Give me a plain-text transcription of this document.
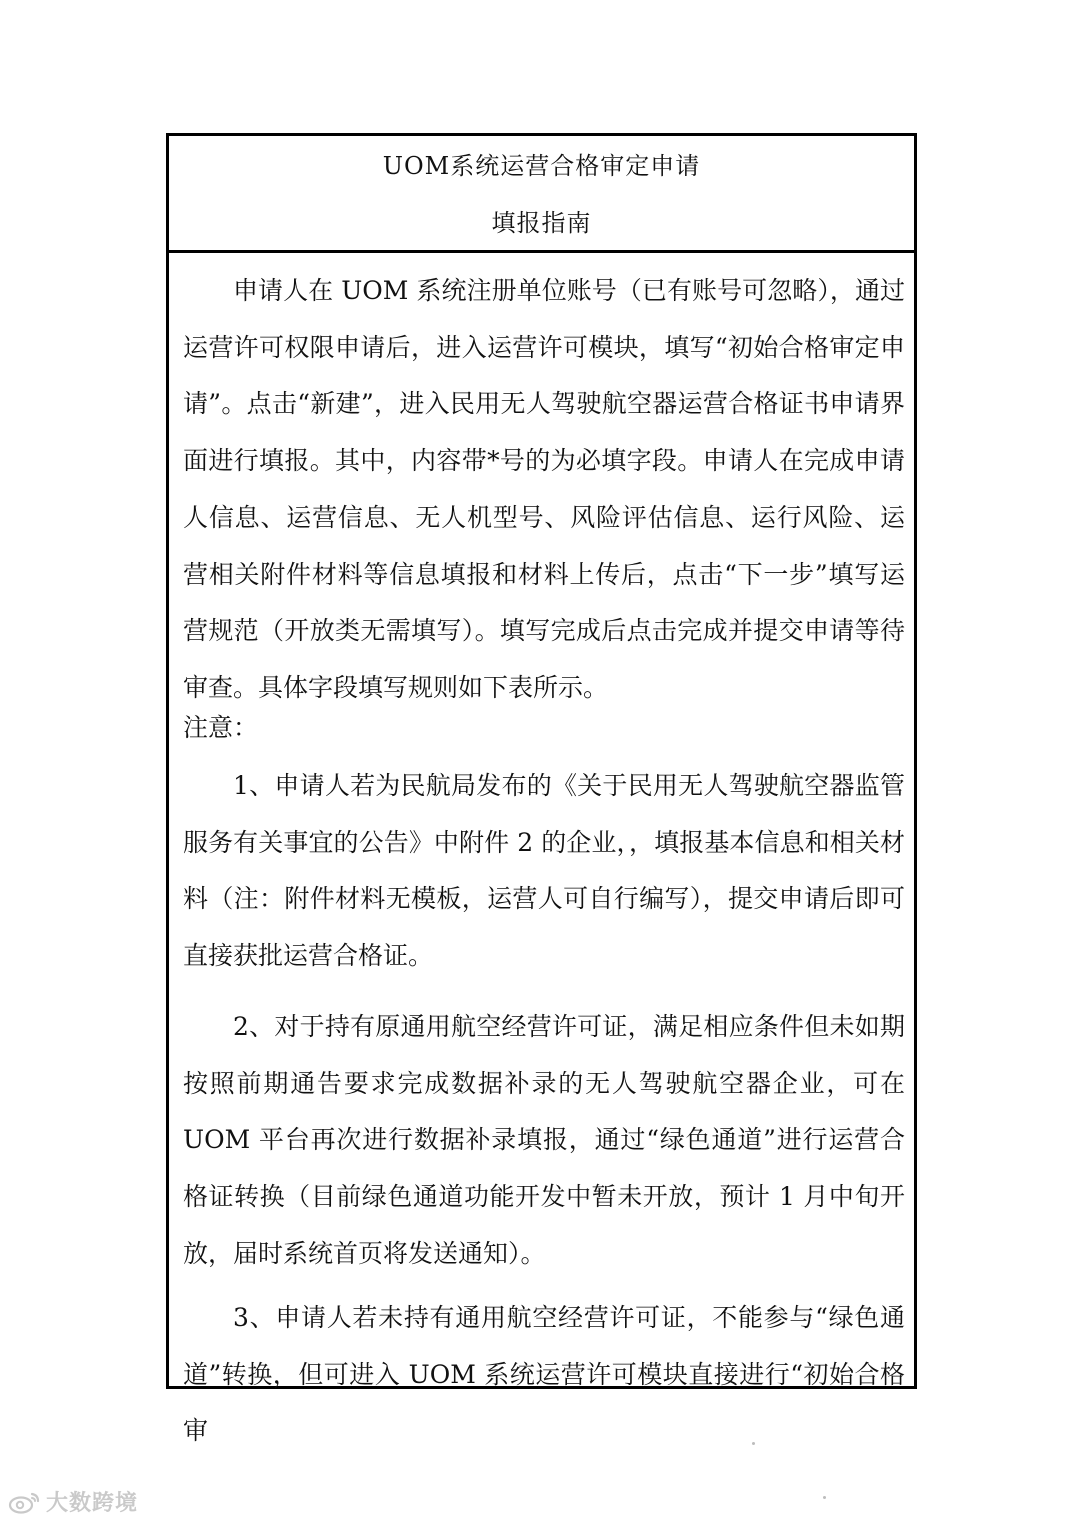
UOM系统运营合格审定申请
填报指南

申请人在 UOM 系统注册单位账号（已有账号可忽略），通过运营许可权限申请后，进入运营许可模块，填写“初始合格审定申请”。点击“新建”，进入民用无人驾驶航空器运营合格证书申请界面进行填报。其中，内容带*号的为必填字段。申请人在完成申请人信息、运营信息、无人机型号、风险评估信息、运行风险、运营相关附件材料等信息填报和材料上传后，点击“下一步”填写运营规范（开放类无需填写）。填写完成后点击完成并提交申请等待审查。具体字段填写规则如下表所示。

注意：

1、申请人若为民航局发布的《关于民用无人驾驶航空器监管服务有关事宜的公告》中附件 2 的企业，，填报基本信息和相关材料（注：附件材料无模板，运营人可自行编写），提交申请后即可直接获批运营合格证。

2、对于持有原通用航空经营许可证，满足相应条件但未如期按照前期通告要求完成数据补录的无人驾驶航空器企业，可在 UOM 平台再次进行数据补录填报，通过“绿色通道”进行运营合格证转换（目前绿色通道功能开发中暂未开放，预计 1 月中旬开放，届时系统首页将发送通知）。

3、申请人若未持有通用航空经营许可证，不能参与“绿色通道”转换，但可进入 UOM 系统运营许可模块直接进行“初始合格审

大数跨境
